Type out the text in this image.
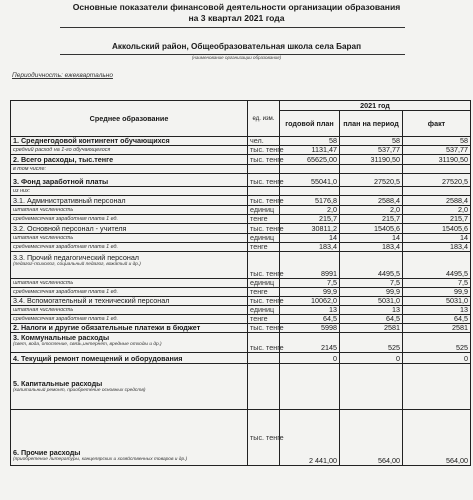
Основные показатели финансовой деятельности организации образования
на 3 квартал 2021 года
Аккольский район, Общеобразовательная школа села Барап
(наименование организации образования)
Периодичность: ежеквартально
Среднее образование	ед. изм.	2021 год		
		годовой план	план на период	факт
1. Среднегодовой контингент обучающихся	чел.	58	58	58
средний расход на 1-го обучающегося	тыс. тенге	1131,47	537,77	537,77
2. Всего расходы, тыс.тенге	тыс. тенге	65625,00	31190,50	31190,50
в том числе:				
3. Фонд заработной платы	тыс. тенге	55041,0	27520,5	27520,5
из них:				
3.1. Административный персонал	тыс. тенге	5176,8	2588,4	2588,4
штатная численность	единиц	2,0	2,0	2,0
среднемесячная заработная плата 1 ед.	тенге	215,7	215,7	215,7
3.2. Основной персонал - учителя	тыс. тенге	30811,2	15405,6	15405,6
штатная численность	единиц	14	14	14
среднемесячная заработная плата 1 ед.	тенге	183,4	183,4	183,4
3.3. Прочий педагогический персонал
(педагог-психолог, социальный педагог, вожатый и др.)	тыс. тенге	8991	4495,5	4495,5
штатная численность	единиц	7,5	7,5	7,5
среднемесячная заработная плата 1 ед.	тенге	99,9	99,9	99,9
3.4. Вспомогательный и технический персонал	тыс. тенге	10062,0	5031,0	5031,0
штатная численность	единиц	13	13	13
среднемесячная заработная плата 1 ед.	тенге	64,5	64,5	64,5
2. Налоги и другие обязательные платежи в бюджет	тыс. тенге	5998	2581	2581
3. Коммунальные расходы
(свет, вода, отопление, связь,интернет, вредные отходы и др.)	тыс. тенге	2145	525	525
4. Текущий ремонт помещений и оборудования		0	0	0
5. Капитальные расходы
(капитальный ремонт, приобретение основных средств)				

6. Прочие расходы
(приобретение литературы, канцелярских и хозяйственных товаров и др.)	тыс. тенге	2 441,00	564,00	564,00
